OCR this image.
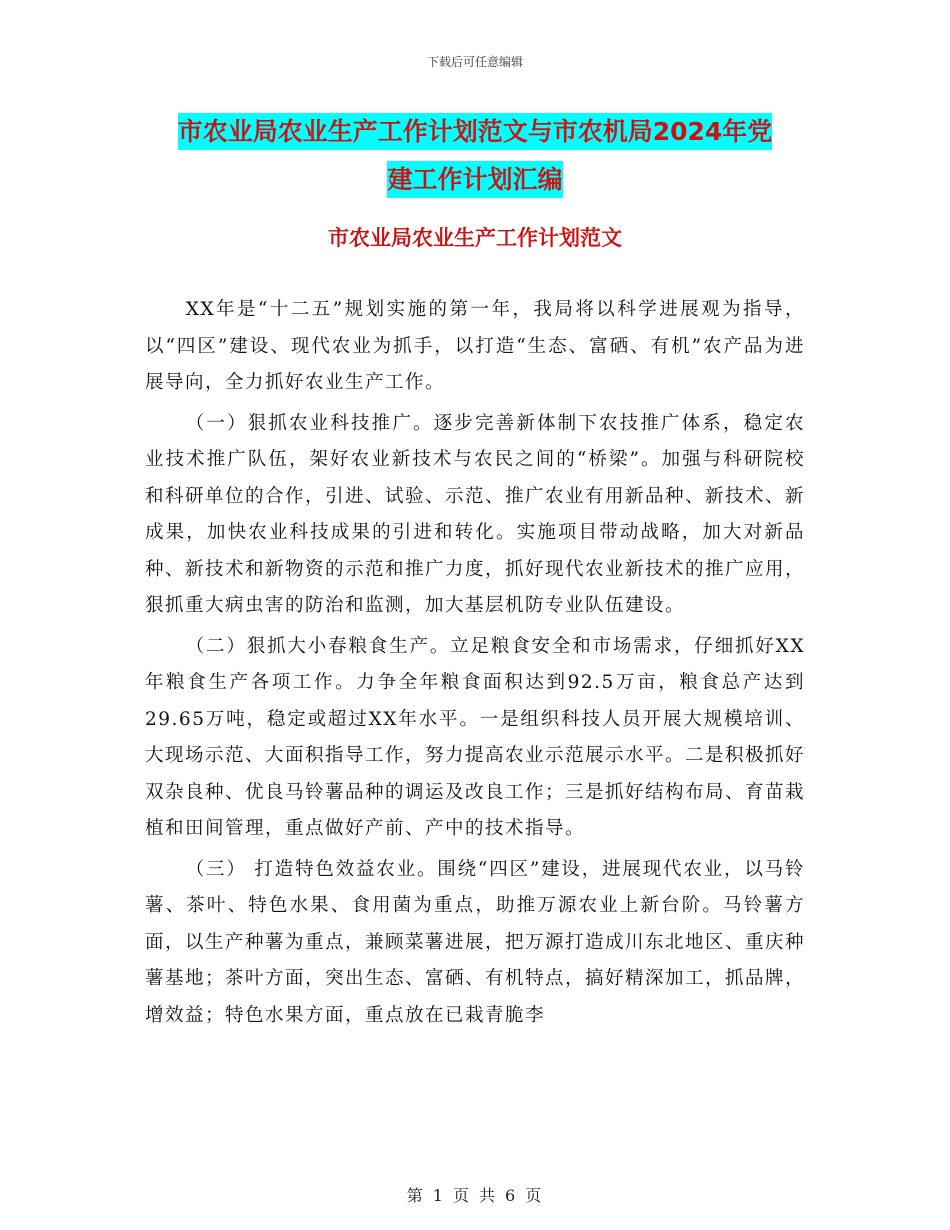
下载后可任意编辑
市农业局农业生产工作计划范文与市农机局2024年党
建工作计划汇编
市农业局农业生产工作计划范文

XX年是“十二五”规划实施的第一年，我局将以科学进展观为指导，以“四区”建设、现代农业为抓手，以打造“生态、富硒、有机”农产品为进展导向，全力抓好农业生产工作。

（一）狠抓农业科技推广。逐步完善新体制下农技推广体系，稳定农业技术推广队伍，架好农业新技术与农民之间的“桥梁”。加强与科研院校和科研单位的合作，引进、试验、示范、推广农业有用新品种、新技术、新成果，加快农业科技成果的引进和转化。实施项目带动战略，加大对新品种、新技术和新物资的示范和推广力度，抓好现代农业新技术的推广应用，狠抓重大病虫害的防治和监测，加大基层机防专业队伍建设。

（二）狠抓大小春粮食生产。立足粮食安全和市场需求，仔细抓好XX年粮食生产各项工作。力争全年粮食面积达到92.5万亩，粮食总产达到29.65万吨，稳定或超过XX年水平。一是组织科技人员开展大规模培训、大现场示范、大面积指导工作，努力提高农业示范展示水平。二是积极抓好双杂良种、优良马铃薯品种的调运及改良工作；三是抓好结构布局、育苗栽植和田间管理，重点做好产前、产中的技术指导。

（三） 打造特色效益农业。围绕“四区”建设，进展现代农业，以马铃薯、茶叶、特色水果、食用菌为重点，助推万源农业上新台阶。马铃薯方面，以生产种薯为重点，兼顾菜薯进展，把万源打造成川东北地区、重庆种薯基地；茶叶方面，突出生态、富硒、有机特点，搞好精深加工，抓品牌，增效益；特色水果方面，重点放在已栽青脆李

第 1 页 共 6 页
